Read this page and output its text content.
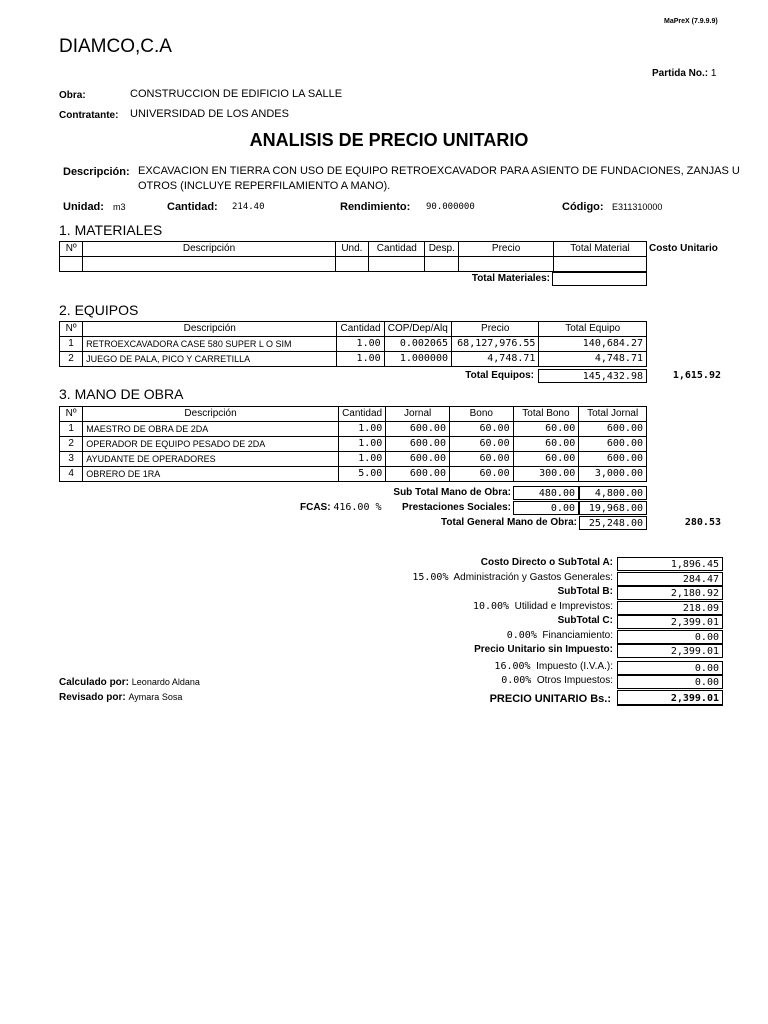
MaPreX (7.9.9.9)
DIAMCO,C.A
Partida No.: 1
Obra:	CONSTRUCCION DE EDIFICIO LA SALLE
Contratante: UNIVERSIDAD DE LOS ANDES
ANALISIS DE PRECIO UNITARIO
Descripción: EXCAVACION EN TIERRA CON USO DE EQUIPO RETROEXCAVADOR PARA ASIENTO DE FUNDACIONES, ZANJAS U
OTROS (INCLUYE REPERFILAMIENTO A MANO).
Unidad: m3	Cantidad: 214.40	Rendimiento: 90.000000	Código: E311310000
1. MATERIALES
Nº	Descripción	Und.	Cantidad	Desp.	Precio	Total Material
						Costo Unitario
Total Materiales:
2. EQUIPOS
Nº	Descripción	Cantidad	COP/Dep/Alq	Precio	Total Equipo
1	RETROEXCAVADORA CASE 580 SUPER L O SIM	1.00	0.002065	68,127,976.55	140,684.27
2	JUEGO DE PALA, PICO Y CARRETILLA	1.00	1.000000	4,748.71	4,748.71
Total Equipos:	145,432.98	1,615.92
3. MANO DE OBRA
Nº	Descripción	Cantidad	Jornal	Bono	Total Bono	Total Jornal
1	MAESTRO DE OBRA DE 2DA	1.00	600.00	60.00	60.00	600.00
2	OPERADOR DE EQUIPO PESADO DE 2DA	1.00	600.00	60.00	60.00	600.00
3	AYUDANTE DE OPERADORES	1.00	600.00	60.00	60.00	600.00
4	OBRERO DE 1RA	5.00	600.00	60.00	300.00	3,000.00
Sub Total Mano de Obra:	480.00	4,800.00
FCAS: 416.00 %	Prestaciones Sociales:	0.00	19,968.00
Total General Mano de Obra:	25,248.00	280.53
Costo Directo o SubTotal A:	1,896.45
15.00% Administración y Gastos Generales:	284.47
SubTotal B:	2,180.92
10.00% Utilidad e Imprevistos:	218.09
SubTotal C:	2,399.01
0.00% Financiamiento:	0.00
Precio Unitario sin Impuesto:	2,399.01
16.00% Impuesto (I.V.A.):	0.00
0.00% Otros Impuestos:	0.00
PRECIO UNITARIO Bs.:	2,399.01
Calculado por: Leonardo Aldana
Revisado por: Aymara Sosa
